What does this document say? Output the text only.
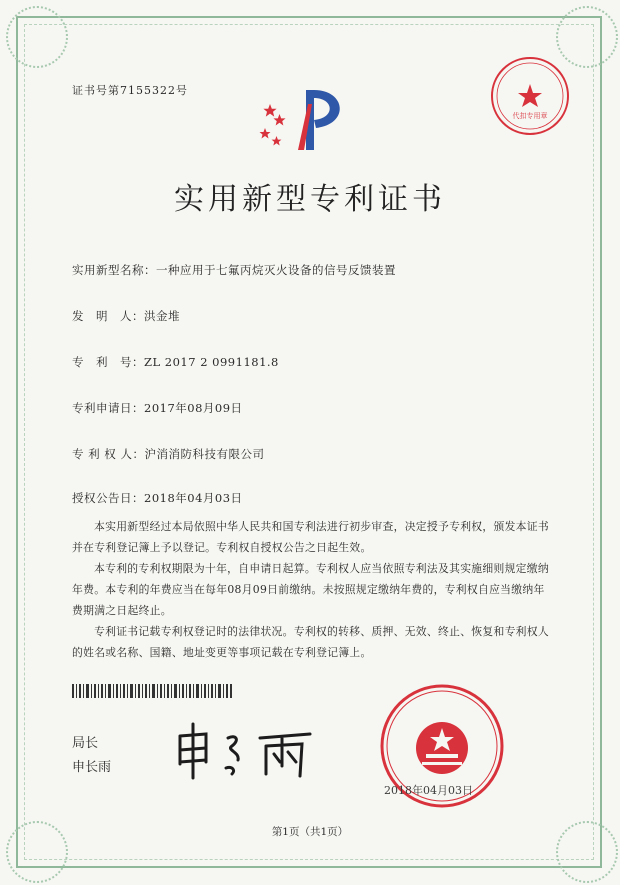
证书号第7155322号
代扣专用章
实用新型专利证书
实用新型名称：一种应用于七氟丙烷灭火设备的信号反馈装置
发　明　人：洪金堆
专　利　号：ZL 2017 2 0991181.8
专利申请日：2017年08月09日
专 利 权 人：沪消消防科技有限公司
授权公告日：2018年04月03日

本实用新型经过本局依照中华人民共和国专利法进行初步审查，决定授予专利权，颁发本证书并在专利登记簿上予以登记。专利权自授权公告之日起生效。

本专利的专利权期限为十年，自申请日起算。专利权人应当依照专利法及其实施细则规定缴纳年费。本专利的年费应当在每年08月09日前缴纳。未按照规定缴纳年费的，专利权自应当缴纳年费期满之日起终止。

专利证书记载专利权登记时的法律状况。专利权的转移、质押、无效、终止、恢复和专利权人的姓名或名称、国籍、地址变更等事项记载在专利登记簿上。

局长
申长雨
2018年04月03日
第1页（共1页）
